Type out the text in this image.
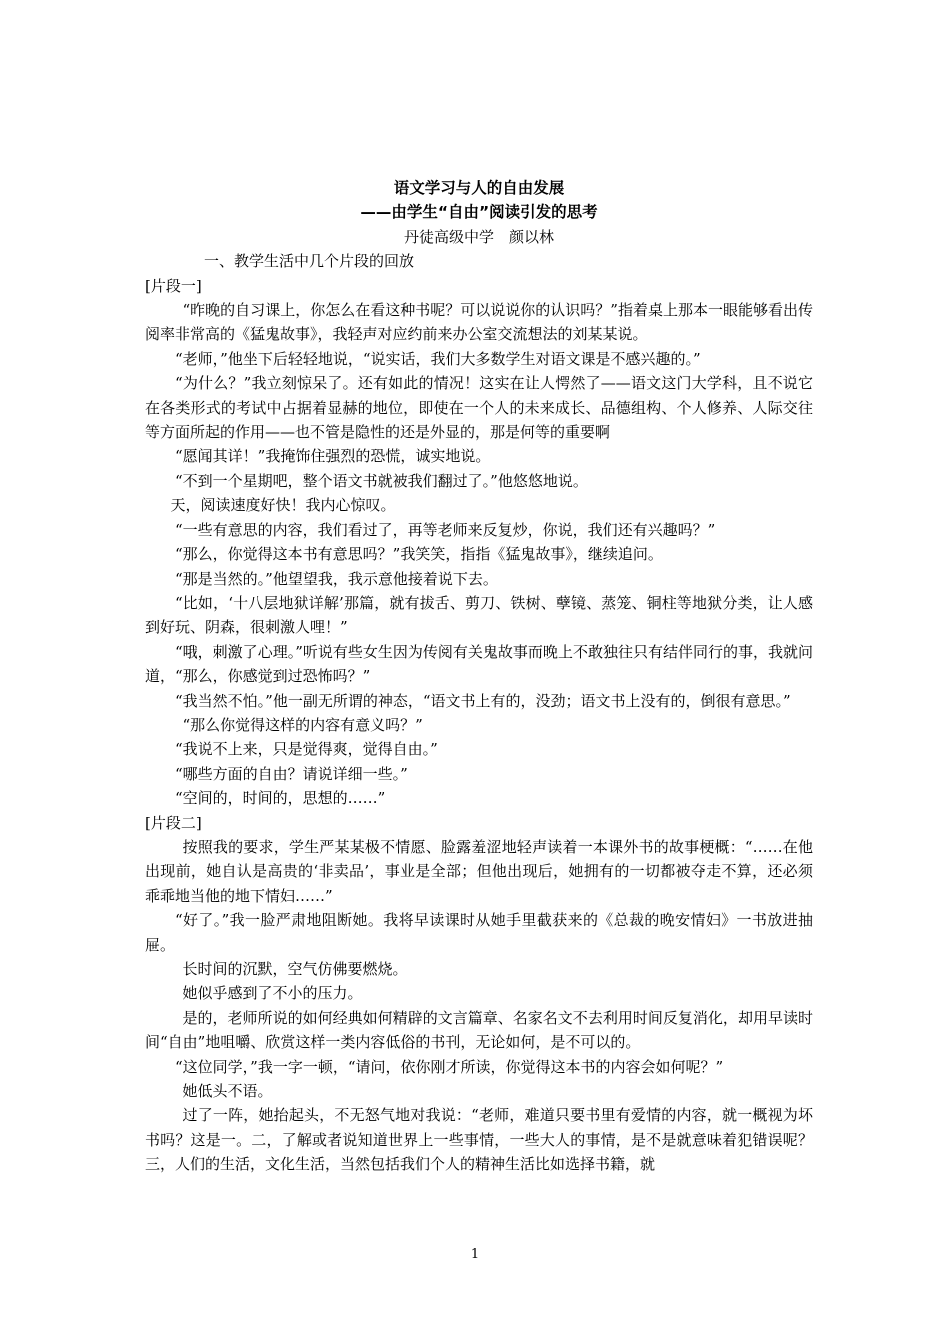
语文学习与人的自由发展
——由学生“自由”阅读引发的思考
丹徒高级中学　颜以林

一、教学生活中几个片段的回放

[片段一]

“昨晚的自习课上，你怎么在看这种书呢？可以说说你的认识吗？”指着桌上那本一眼能够看出传阅率非常高的《猛鬼故事》，我轻声对应约前来办公室交流想法的刘某某说。

“老师，”他坐下后轻轻地说，“说实话，我们大多数学生对语文课是不感兴趣的。”

“为什么？”我立刻惊呆了。还有如此的情况！这实在让人愕然了——语文这门大学科，且不说它在各类形式的考试中占据着显赫的地位，即使在一个人的未来成长、品德组构、个人修养、人际交往等方面所起的作用——也不管是隐性的还是外显的，那是何等的重要啊

“愿闻其详！”我掩饰住强烈的恐慌，诚实地说。

“不到一个星期吧，整个语文书就被我们翻过了。”他悠悠地说。

天，阅读速度好快！我内心惊叹。

“一些有意思的内容，我们看过了，再等老师来反复炒，你说，我们还有兴趣吗？”

“那么，你觉得这本书有意思吗？”我笑笑，指指《猛鬼故事》，继续追问。

“那是当然的。”他望望我，我示意他接着说下去。

“比如，‘十八层地狱详解’那篇，就有拔舌、剪刀、铁树、孽镜、蒸笼、铜柱等地狱分类，让人感到好玩、阴森，很刺激人哩！”

“哦，刺激了心理。”听说有些女生因为传阅有关鬼故事而晚上不敢独往只有结伴同行的事，我就问道，“那么，你感觉到过恐怖吗？”

“我当然不怕。”他一副无所谓的神态，“语文书上有的，没劲；语文书上没有的，倒很有意思。”

“那么你觉得这样的内容有意义吗？”

“我说不上来，只是觉得爽，觉得自由。”

“哪些方面的自由？请说详细一些。”

“空间的，时间的，思想的……”

[片段二]

按照我的要求，学生严某某极不情愿、脸露羞涩地轻声读着一本课外书的故事梗概：“……在他出现前，她自认是高贵的‘非卖品’，事业是全部；但他出现后，她拥有的一切都被夺走不算，还必须乖乖地当他的地下情妇……”

“好了。”我一脸严肃地阻断她。我将早读课时从她手里截获来的《总裁的晚安情妇》一书放进抽屉。

长时间的沉默，空气仿佛要燃烧。

她似乎感到了不小的压力。

是的，老师所说的如何经典如何精辟的文言篇章、名家名文不去利用时间反复消化，却用早读时间“自由”地咀嚼、欣赏这样一类内容低俗的书刊，无论如何，是不可以的。

“这位同学，”我一字一顿，“请问，依你刚才所读，你觉得这本书的内容会如何呢？”

她低头不语。

过了一阵，她抬起头，不无怒气地对我说：“老师，难道只要书里有爱情的内容，就一概视为坏书吗？这是一。二，了解或者说知道世界上一些事情，一些大人的事情，是不是就意味着犯错误呢？三，人们的生活，文化生活，当然包括我们个人的精神生活比如选择书籍，就

1
